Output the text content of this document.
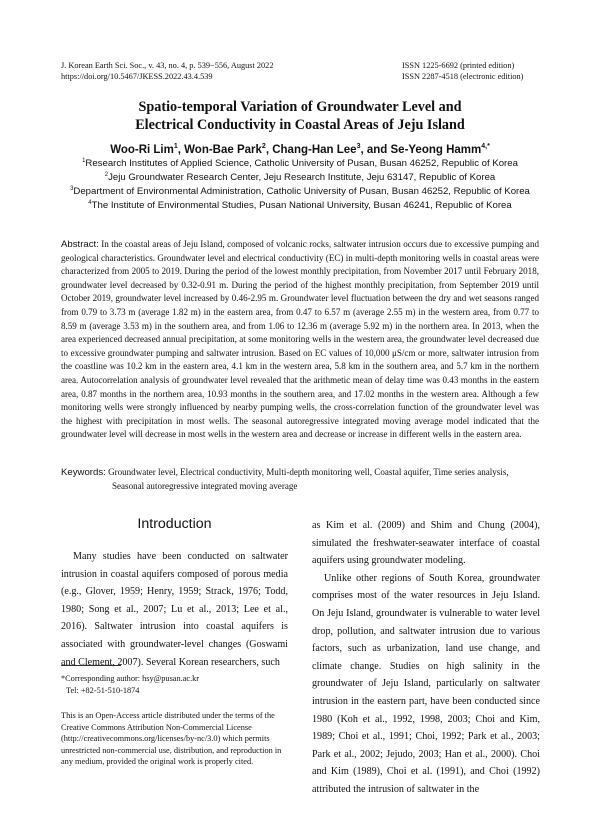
J. Korean Earth Sci. Soc., v. 43, no. 4, p. 539−556, August 2022
https://doi.org/10.5467/JKESS.2022.43.4.539
ISSN 1225-6692 (printed edition)
ISSN 2287-4518 (electronic edition)
Spatio-temporal Variation of Groundwater Level and
Electrical Conductivity in Coastal Areas of Jeju Island
Woo-Ri Lim$^1$, Won-Bae Park$^2$, Chang-Han Lee$^3$, and Se-Yeong Hamm$^{4,*}$
$^1$Research Institutes of Applied Science, Catholic University of Pusan, Busan 46252, Republic of Korea
$^2$Jeju Groundwater Research Center, Jeju Research Institute, Jeju 63147, Republic of Korea
$^3$Department of Environmental Administration, Catholic University of Pusan, Busan 46252, Republic of Korea
$^4$The Institute of Environmental Studies, Pusan National University, Busan 46241, Republic of Korea
Abstract: In the coastal areas of Jeju Island, composed of volcanic rocks, saltwater intrusion occurs due to excessive pumping and geological characteristics. Groundwater level and electrical conductivity (EC) in multi-depth monitoring wells in coastal areas were characterized from 2005 to 2019. During the period of the lowest monthly precipitation, from November 2017 until February 2018, groundwater level decreased by 0.32-0.91 m. During the period of the highest monthly precipitation, from September 2019 until October 2019, groundwater level increased by 0.46-2.95 m. Groundwater level fluctuation between the dry and wet seasons ranged from 0.79 to 3.73 m (average 1.82 m) in the eastern area, from 0.47 to 6.57 m (average 2.55 m) in the western area, from 0.77 to 8.59 m (average 3.53 m) in the southern area, and from 1.06 to 12.36 m (average 5.92 m) in the northern area. In 2013, when the area experienced decreased annual precipitation, at some monitoring wells in the western area, the groundwater level decreased due to excessive groundwater pumping and saltwater intrusion. Based on EC values of 10,000 μS/cm or more, saltwater intrusion from the coastline was 10.2 km in the eastern area, 4.1 km in the western area, 5.8 km in the southern area, and 5.7 km in the northern area. Autocorrelation analysis of groundwater level revealed that the arithmetic mean of delay time was 0.43 months in the eastern area, 0.87 months in the northern area, 10.93 months in the southern area, and 17.02 months in the western area. Although a few monitoring wells were strongly influenced by nearby pumping wells, the cross-correlation function of the groundwater level was the highest with precipitation in most wells. The seasonal autoregressive integrated moving average model indicated that the groundwater level will decrease in most wells in the western area and decrease or increase in different wells in the eastern area.
Keywords: Groundwater level, Electrical conductivity, Multi-depth monitoring well, Coastal aquifer, Time series analysis, Seasonal autoregressive integrated moving average
Introduction

Many studies have been conducted on saltwater intrusion in coastal aquifers composed of porous media (e.g., Glover, 1959; Henry, 1959; Strack, 1976; Todd, 1980; Song et al., 2007; Lu et al., 2013; Lee et al., 2016). Saltwater intrusion into coastal aquifers is associated with groundwater-level changes (Goswami and Clement, 2007). Several Korean researchers, such

*Corresponding author: hsy@pusan.ac.kr
Tel: +82-51-510-1874
This is an Open-Access article distributed under the terms of the Creative Commons Attribution Non-Commercial License (http://creativecommons.org/licenses/by-nc/3.0) which permits unrestricted non-commercial use, distribution, and reproduction in any medium, provided the original work is properly cited.

as Kim et al. (2009) and Shim and Chung (2004), simulated the freshwater-seawater interface of coastal aquifers using groundwater modeling.

Unlike other regions of South Korea, groundwater comprises most of the water resources in Jeju Island. On Jeju Island, groundwater is vulnerable to water level drop, pollution, and saltwater intrusion due to various factors, such as urbanization, land use change, and climate change. Studies on high salinity in the groundwater of Jeju Island, particularly on saltwater intrusion in the eastern part, have been conducted since 1980 (Koh et al., 1992, 1998, 2003; Choi and Kim, 1989; Choi et al., 1991; Choi, 1992; Park et al., 2003; Park et al., 2002; Jejudo, 2003; Han et al., 2000). Choi and Kim (1989), Choi et al. (1991), and Choi (1992) attributed the intrusion of saltwater in the
